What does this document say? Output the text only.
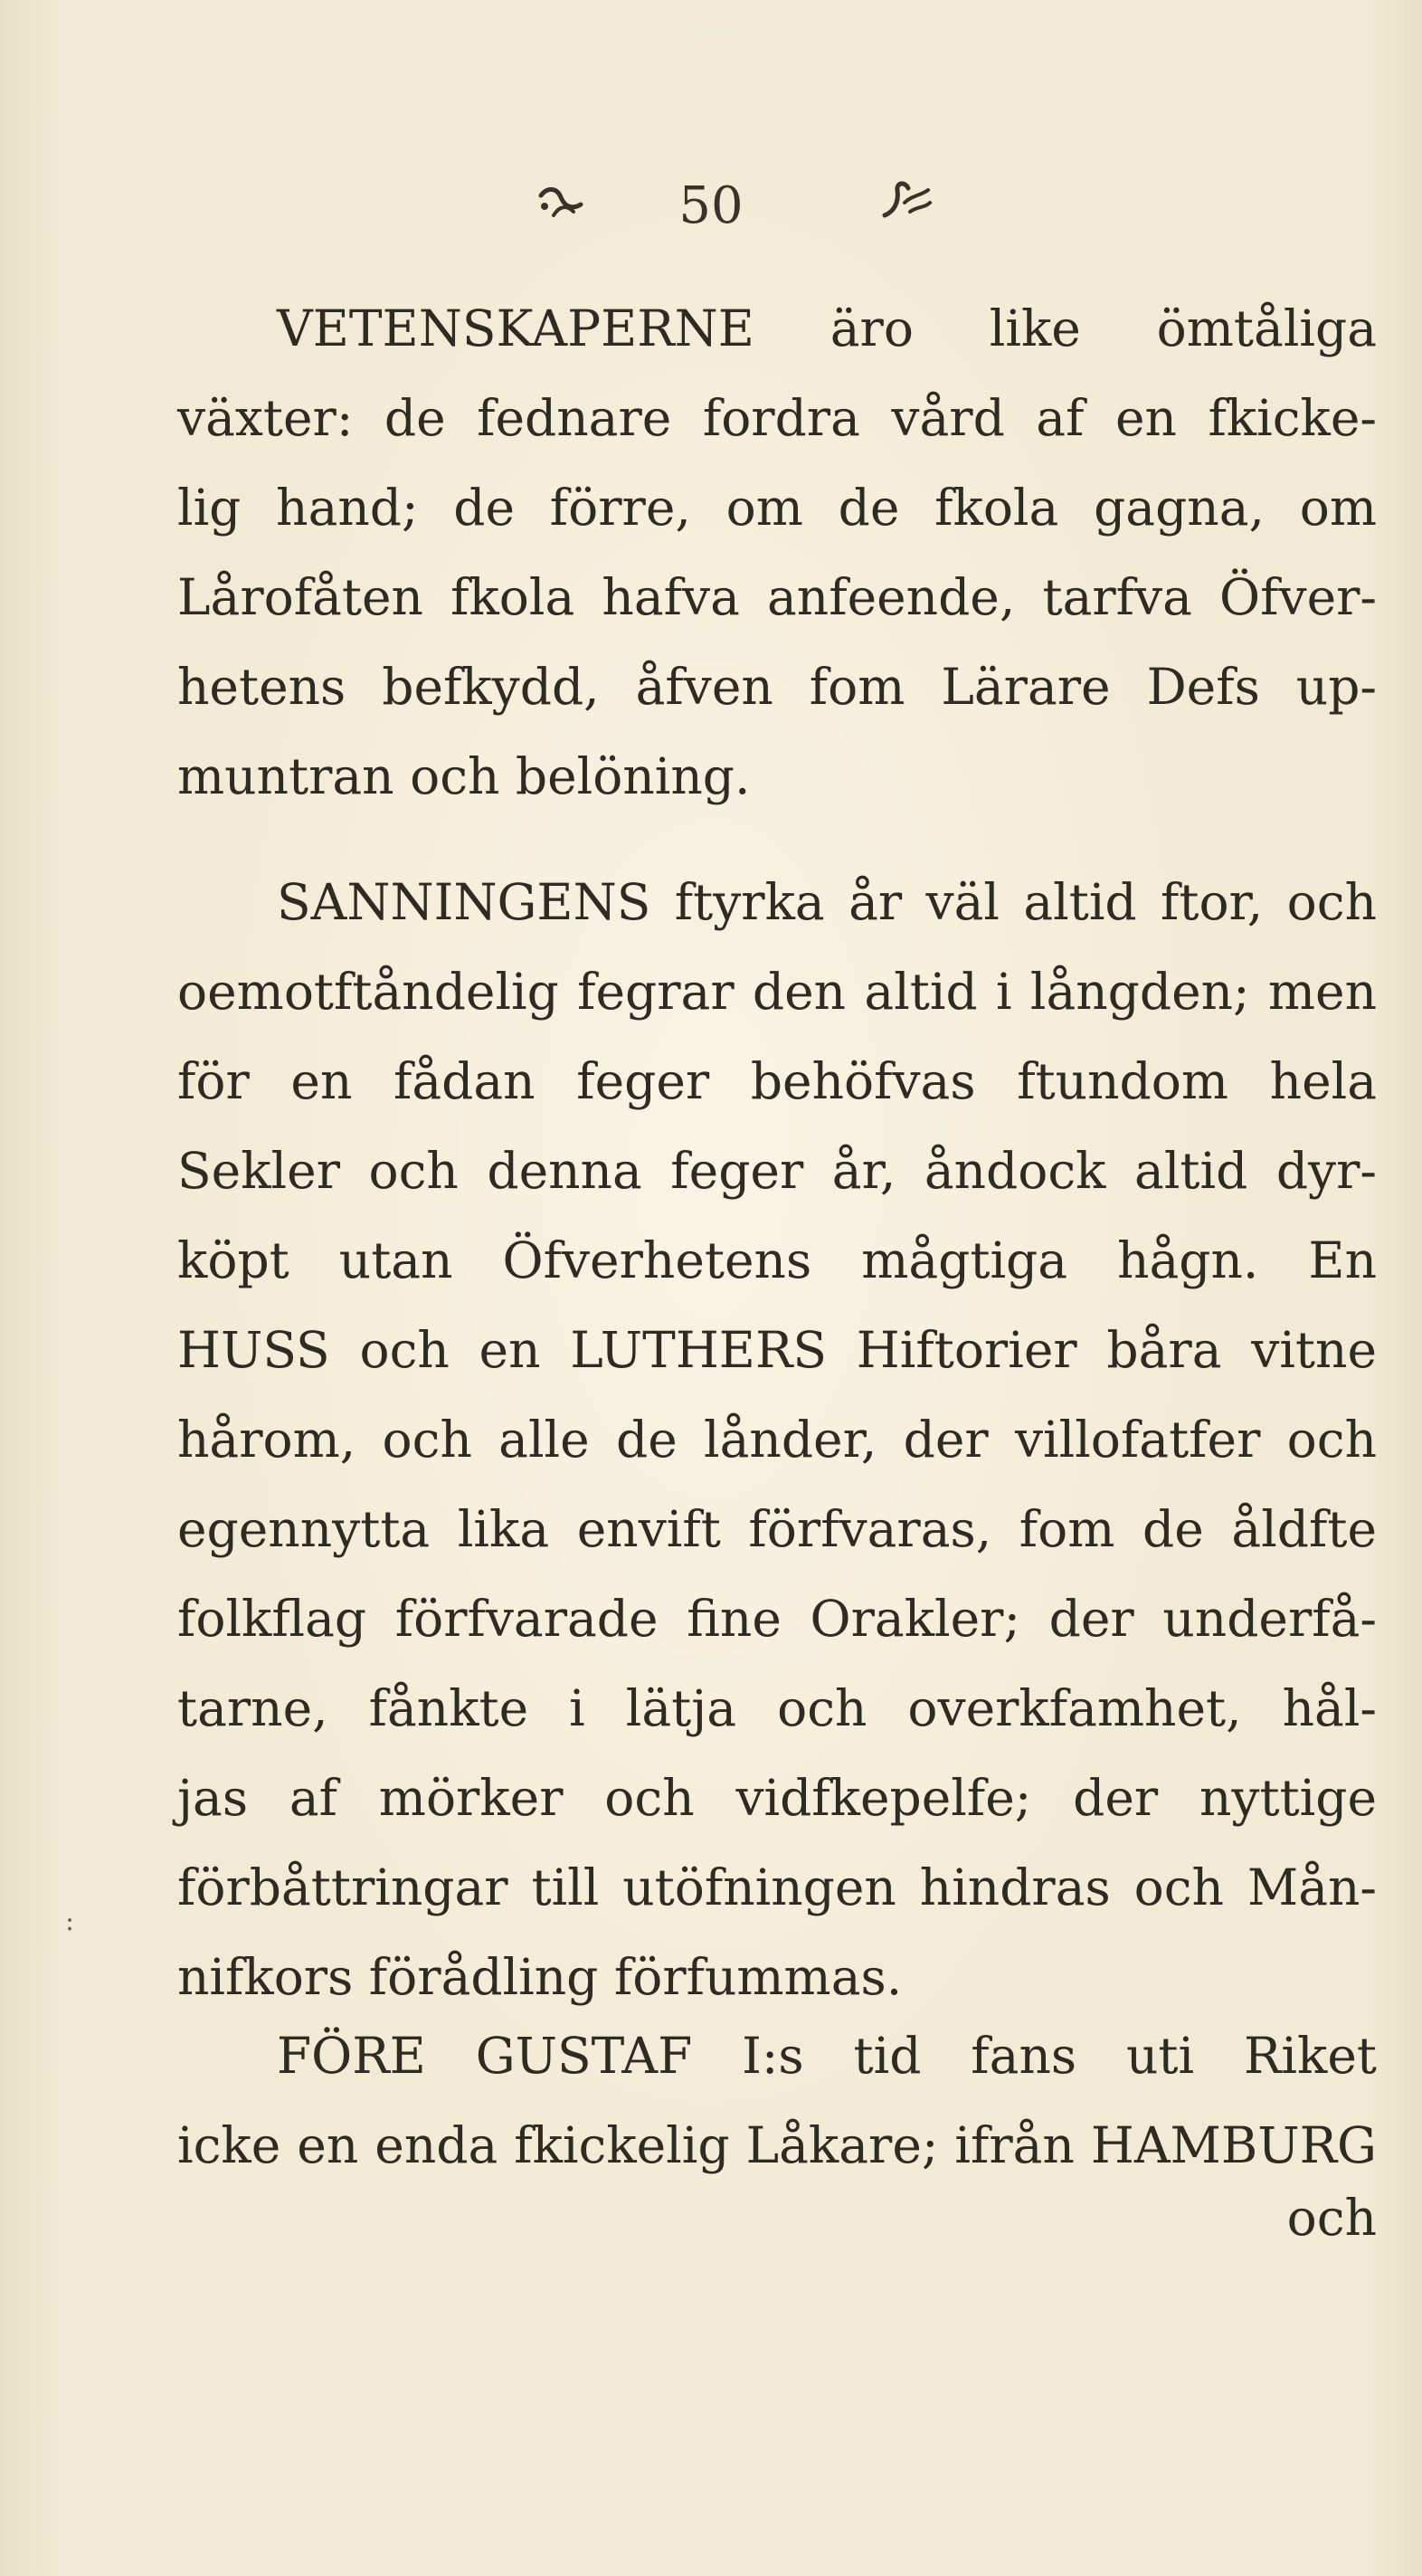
50

VETENSKAPERNE äro like ömtåliga
växter: de fednare fordra vård af en fkicke-
lig hand; de förre, om de fkola gagna, om
Lårofåten fkola hafva anfeende, tarfva Öfver-
hetens befkydd, åfven fom Lärare Defs up-
muntran och belöning.

SANNINGENS ftyrka år väl altid ftor, och
oemotftåndelig fegrar den altid i långden; men
för en fådan feger behöfvas ftundom hela
Sekler och denna feger år, åndock altid dyr-
köpt utan Öfverhetens mågtiga hågn. En
HUSS och en LUTHERS Hiftorier båra vitne
hårom, och alle de lånder, der villofatfer och
egennytta lika envift förfvaras, fom de åldfte
folkflag förfvarade fine Orakler; der underfå-
tarne, fånkte i lätja och overkfamhet, hål-
jas af mörker och vidfkepelfe; der nyttige
förbåttringar till utöfningen hindras och Mån-
nifkors förådling förfummas.

FÖRE GUSTAF I:s tid fans uti Riket
icke en enda fkickelig Låkare; ifrån HAMBURG

och
:
